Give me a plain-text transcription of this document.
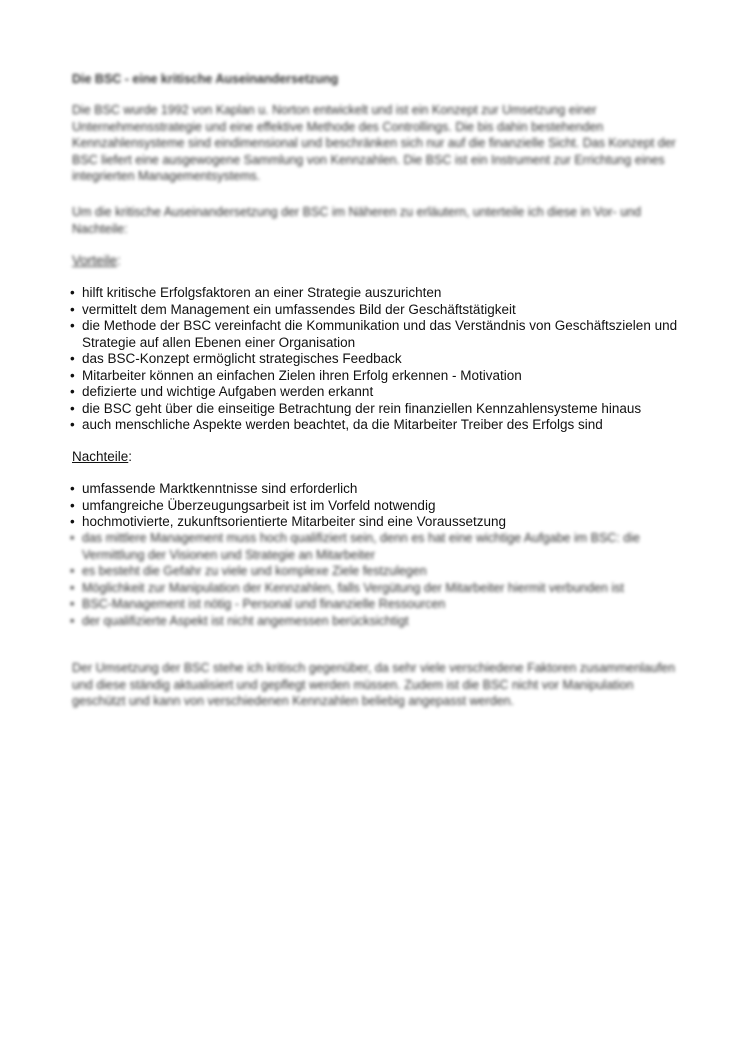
Die BSC - eine kritische Auseinandersetzung
Die BSC wurde 1992 von Kaplan u. Norton entwickelt und ist ein Konzept zur Umsetzung einer Unternehmensstrategie und eine effektive Methode des Controllings. Die bis dahin bestehenden Kennzahlensysteme sind eindimensional und beschränken sich nur auf die finanzielle Sicht. Das Konzept der BSC liefert eine ausgewogene Sammlung von Kennzahlen. Die BSC ist ein Instrument zur Errichtung eines integrierten Managementsystems.
Um die kritische Auseinandersetzung der BSC im Näheren zu erläutern, unterteile ich diese in Vor- und Nachteile:
Vorteile:
• hilft kritische Erfolgsfaktoren an einer Strategie auszurichten
• vermittelt dem Management ein umfassendes Bild der Geschäftstätigkeit
• die Methode der BSC vereinfacht die Kommunikation und das Verständnis von Geschäftszielen und Strategie auf allen Ebenen einer Organisation
• das BSC-Konzept ermöglicht strategisches Feedback
• Mitarbeiter können an einfachen Zielen ihren Erfolg erkennen - Motivation
• defizierte und wichtige Aufgaben werden erkannt
• die BSC geht über die einseitige Betrachtung der rein finanziellen Kennzahlensysteme hinaus
• auch menschliche Aspekte werden beachtet, da die Mitarbeiter Treiber des Erfolgs sind
Nachteile:
• umfassende Marktkenntnisse sind erforderlich
• umfangreiche Überzeugungsarbeit ist im Vorfeld notwendig
• hochmotivierte, zukunftsorientierte Mitarbeiter sind eine Voraussetzung
• das mittlere Management muss hoch qualifiziert sein, denn es hat eine wichtige Aufgabe im BSC: die Vermittlung der Visionen und Strategie an Mitarbeiter
• es besteht die Gefahr zu viele und komplexe Ziele festzulegen
• Möglichkeit zur Manipulation der Kennzahlen, falls Vergütung der Mitarbeiter hiermit verbunden ist
• BSC-Management ist nötig - Personal und finanzielle Ressourcen
• der qualifizierte Aspekt ist nicht angemessen berücksichtigt
Der Umsetzung der BSC stehe ich kritisch gegenüber, da sehr viele verschiedene Faktoren zusammenlaufen und diese ständig aktualisiert und gepflegt werden müssen. Zudem ist die BSC nicht vor Manipulation geschützt und kann von verschiedenen Kennzahlen beliebig angepasst werden.
